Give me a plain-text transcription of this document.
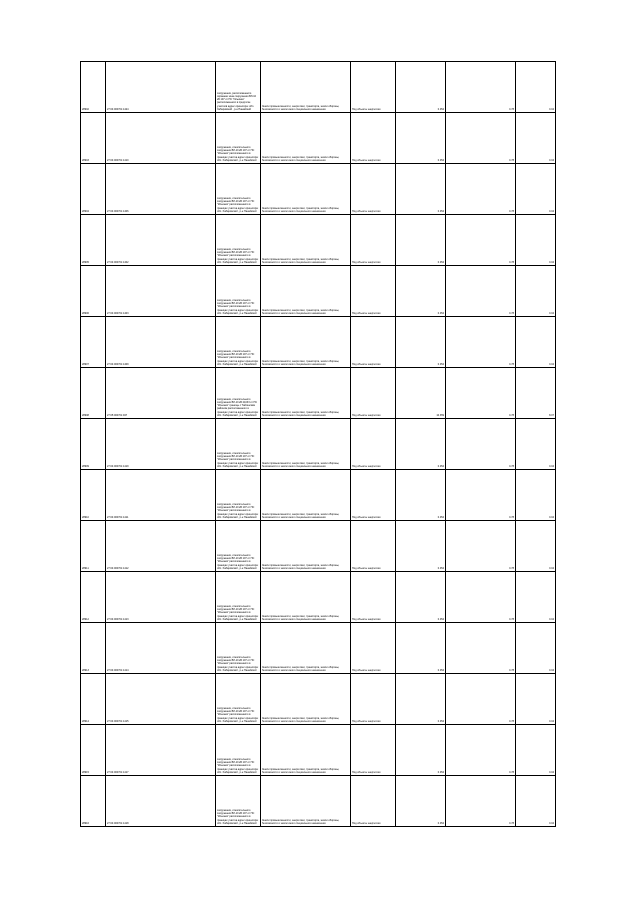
28902	27:04:000701:1424	сооружения, расположенного охранная зона сооружения ВЛ-10 кВ 107 от ПС "Ильинка" расположенного в предтатке участков адрес ориентира: обл. Хабаровский , р-н Нанайский	Земли промышленности, энергетики, транспорта, земли обороны, безопасности и земли иного специального назначения	Под объекты энергетики	0.054	0.78	0.04
28903	27:04:000701:1410	сооружения, относительного сооружения ВЛ-10 кВ 107 от ПС "Ильинка" расположенного в границах участка адрес ориентира: обл. Хабаровский , р-н Нанайский	Земли промышленности, энергетики, транспорта, земли обороны, безопасности и земли иного специального назначения	Под объекты энергетики	0.054	0.78	0.04
28904	27:04:000701:1406	сооружения, относительного сооружения ВЛ-10 кВ 107 от ПС "Ильинка" расположенного в границах участка адрес ориентира: обл. Хабаровский , р-н Нанайский	Земли промышленности, энергетики, транспорта, земли обороны, безопасности и земли иного специального назначения	Под объекты энергетики	0.054	0.78	0.04
28905	27:04:000701:1402	сооружения, относительного сооружения ВЛ-10 кВ 107 от ПС "Ильинка" расположенного в границах участка адрес ориентира: обл. Хабаровский , р-н Нанайский	Земли промышленности, энергетики, транспорта, земли обороны, безопасности и земли иного специального назначения	Под объекты энергетики	0.054	0.78	0.04
28906	27:04:000701:1403	сооружения, относительного сооружения ВЛ-10 кВ 107 от ПС "Ильинка" расположенного в границах участка адрес ориентира: обл. Хабаровский , р-н Нанайский	Земли промышленности, энергетики, транспорта, земли обороны, безопасности и земли иного специального назначения	Под объекты энергетики	0.054	0.78	0.04
28907	27:04:000701:1409	сооружения, относительного сооружения ВЛ-10 кВ 107 от ПС "Ильинка" расположенного в границах участка адрес ориентира: обл. Хабаровский , р-н Нанайский	Земли промышленности, энергетики, транспорта, земли обороны, безопасности и земли иного специального назначения	Под объекты энергетики	0.054	0.78	0.04
28908	27:05:000701:947	сооружения, относительного сооружения ВЛ-10 кВ 21033 от ПС "Ильинка" границы с Тайгинским районом расположенного в границах участка адрес ориентира: обл. Хабаровский , р-н Нанайский	Земли промышленности, энергетики, транспорта, земли обороны, безопасности и земли иного специального назначения	Под объекты энергетики	10.359	0.78	8.07
28909	27:04:000701:1419	сооружения, относительного сооружения ВЛ-10 кВ 107 от ПС "Ильинка" расположенного в границах участка адрес ориентира: обл. Хабаровский , р-н Нанайский	Земли промышленности, энергетики, транспорта, земли обороны, безопасности и земли иного специального назначения	Под объекты энергетики	0.054	0.78	0.04
28910	27:04:000701:1411	сооружения, относительного сооружения ВЛ-10 кВ 107 от ПС "Ильинка" расположенного в границах участка адрес ориентира: обл. Хабаровский , р-н Нанайский	Земли промышленности, энергетики, транспорта, земли обороны, безопасности и земли иного специального назначения	Под объекты энергетики	0.054	0.78	0.04
28911	27:04:000701:1412	сооружения, относительного сооружения ВЛ-10 кВ 107 от ПС "Ильинка" расположенного в границах участка адрес ориентира: обл. Хабаровский , р-н Нанайский	Земли промышленности, энергетики, транспорта, земли обороны, безопасности и земли иного специального назначения	Под объекты энергетики	0.054	0.78	0.04
28912	27:04:000701:1413	сооружения, относительного сооружения ВЛ-10 кВ 107 от ПС "Ильинка" расположенного в границах участка адрес ориентира: обл. Хабаровский , р-н Нанайский	Земли промышленности, энергетики, транспорта, земли обороны, безопасности и земли иного специального назначения	Под объекты энергетики	0.054	0.78	0.04
28913	27:04:000701:1414	сооружения, относительного сооружения ВЛ-10 кВ 107 от ПС "Ильинка" расположенного в границах участка адрес ориентира: обл. Хабаровский , р-н Нанайский	Земли промышленности, энергетики, транспорта, земли обороны, безопасности и земли иного специального назначения	Под объекты энергетики	0.054	0.78	0.04
28914	27:04:000701:1415	сооружения, относительного сооружения ВЛ-10 кВ 107 от ПС "Ильинка" расположенного в границах участка адрес ориентира: обл. Хабаровский , р-н Нанайский	Земли промышленности, энергетики, транспорта, земли обороны, безопасности и земли иного специального назначения	Под объекты энергетики	0.054	0.78	0.04
28915	27:04:000701:1417	сооружения, относительного сооружения ВЛ-10 кВ 107 от ПС "Ильинка" расположенного в границах участка адрес ориентира: обл. Хабаровский , р-н Нанайский	Земли промышленности, энергетики, транспорта, земли обороны, безопасности и земли иного специального назначения	Под объекты энергетики	0.054	0.78	0.04
28916	27:04:000701:1418	сооружения, относительного сооружения ВЛ-10 кВ 107 от ПС "Ильинка" расположенного в границах участка адрес ориентира: обл. Хабаровский , р-н Нанайский	Земли промышленности, энергетики, транспорта, земли обороны, безопасности и земли иного специального назначения	Под объекты энергетики	0.054	0.78	0.04
